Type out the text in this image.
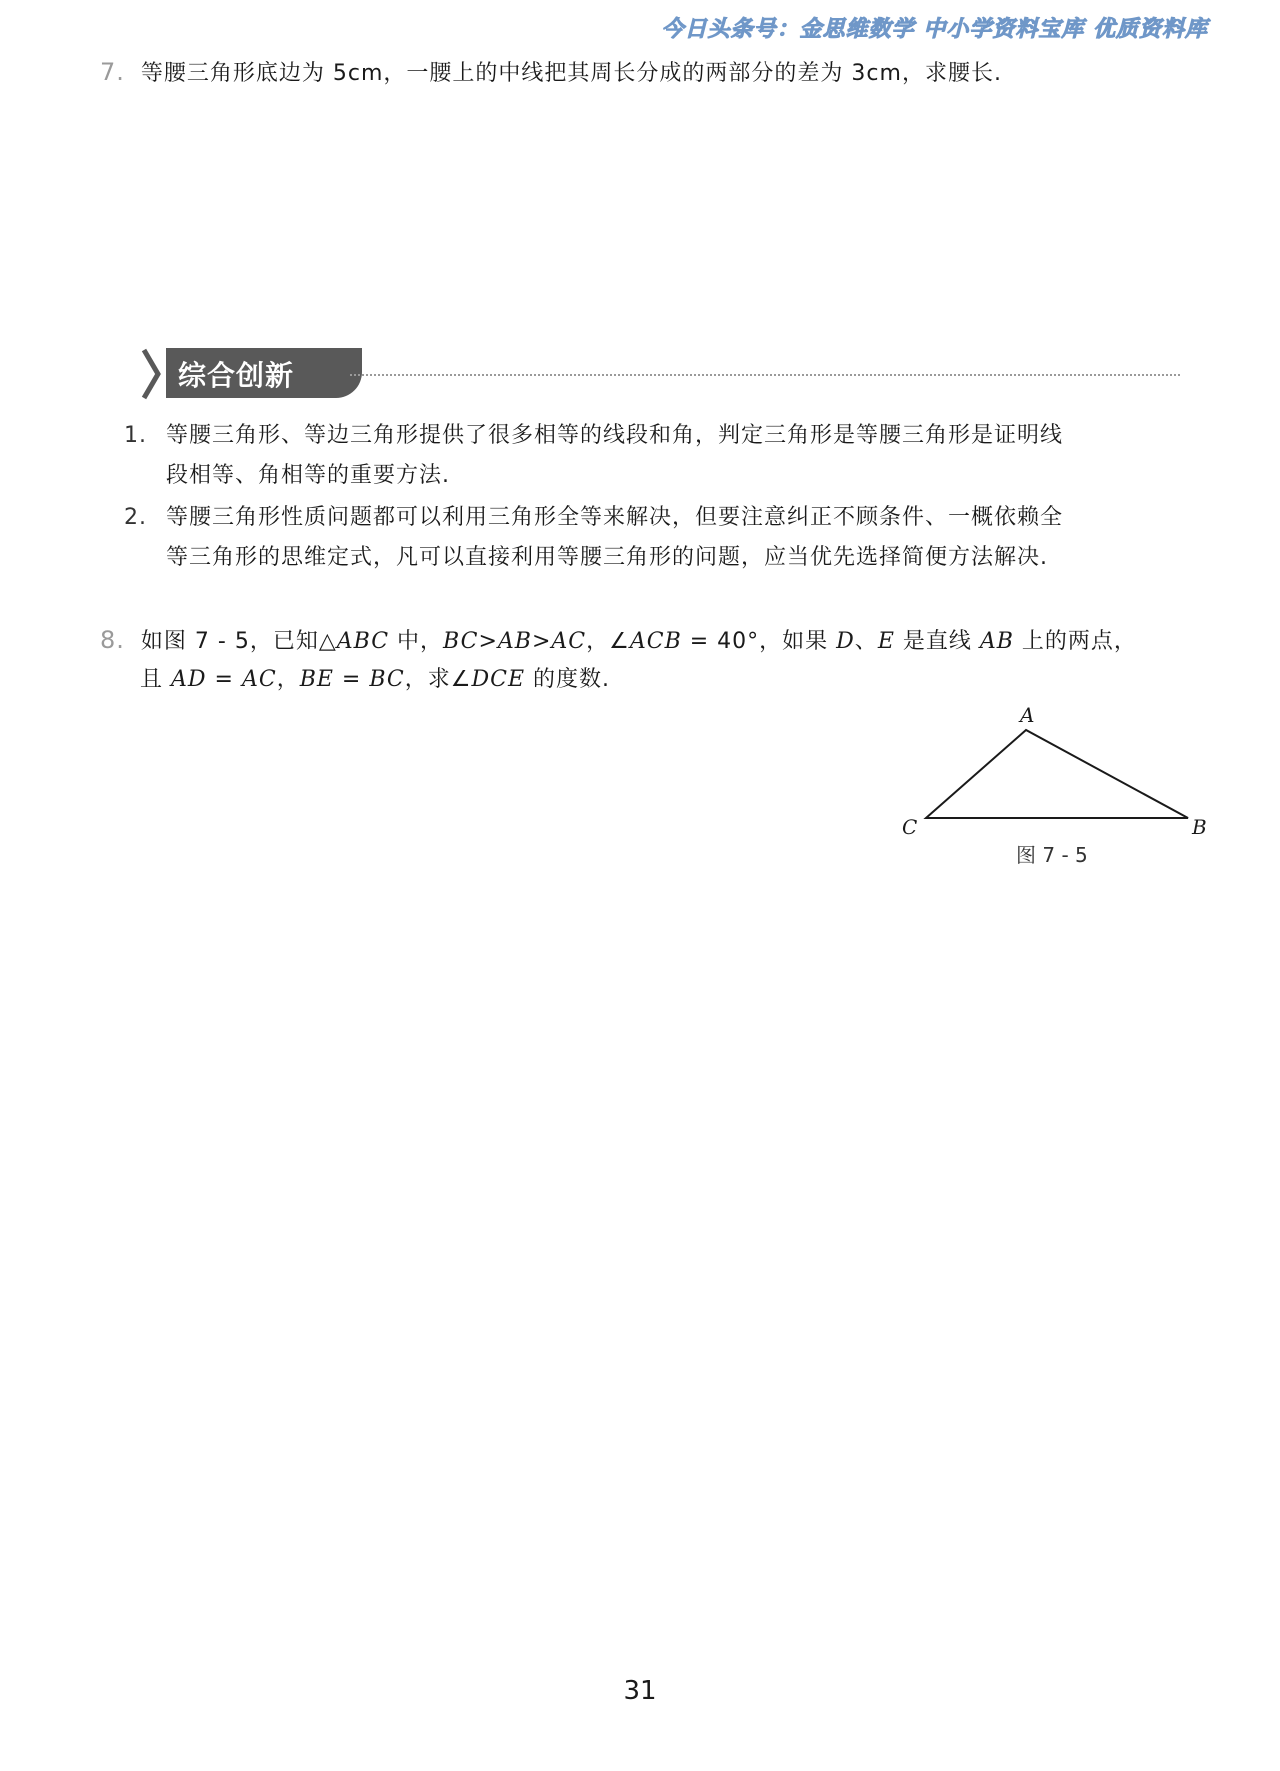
今日头条号：金思维数学 中小学资料宝库 优质资料库
7. 等腰三角形底边为 5cm，一腰上的中线把其周长分成的两部分的差为 3cm，求腰长.
综合创新
1. 等腰三角形、等边三角形提供了很多相等的线段和角，判定三角形是等腰三角形是证明线
段相等、角相等的重要方法.
2. 等腰三角形性质问题都可以利用三角形全等来解决，但要注意纠正不顾条件、一概依赖全
等三角形的思维定式，凡可以直接利用等腰三角形的问题，应当优先选择简便方法解决.
8. 如图 7 - 5，已知△ABC 中，BC>AB>AC，∠ACB = 40°，如果 D、E 是直线 AB 上的两点，
且 AD = AC，BE = BC，求∠DCE 的度数.
A
C	B
图 7 - 5
31
